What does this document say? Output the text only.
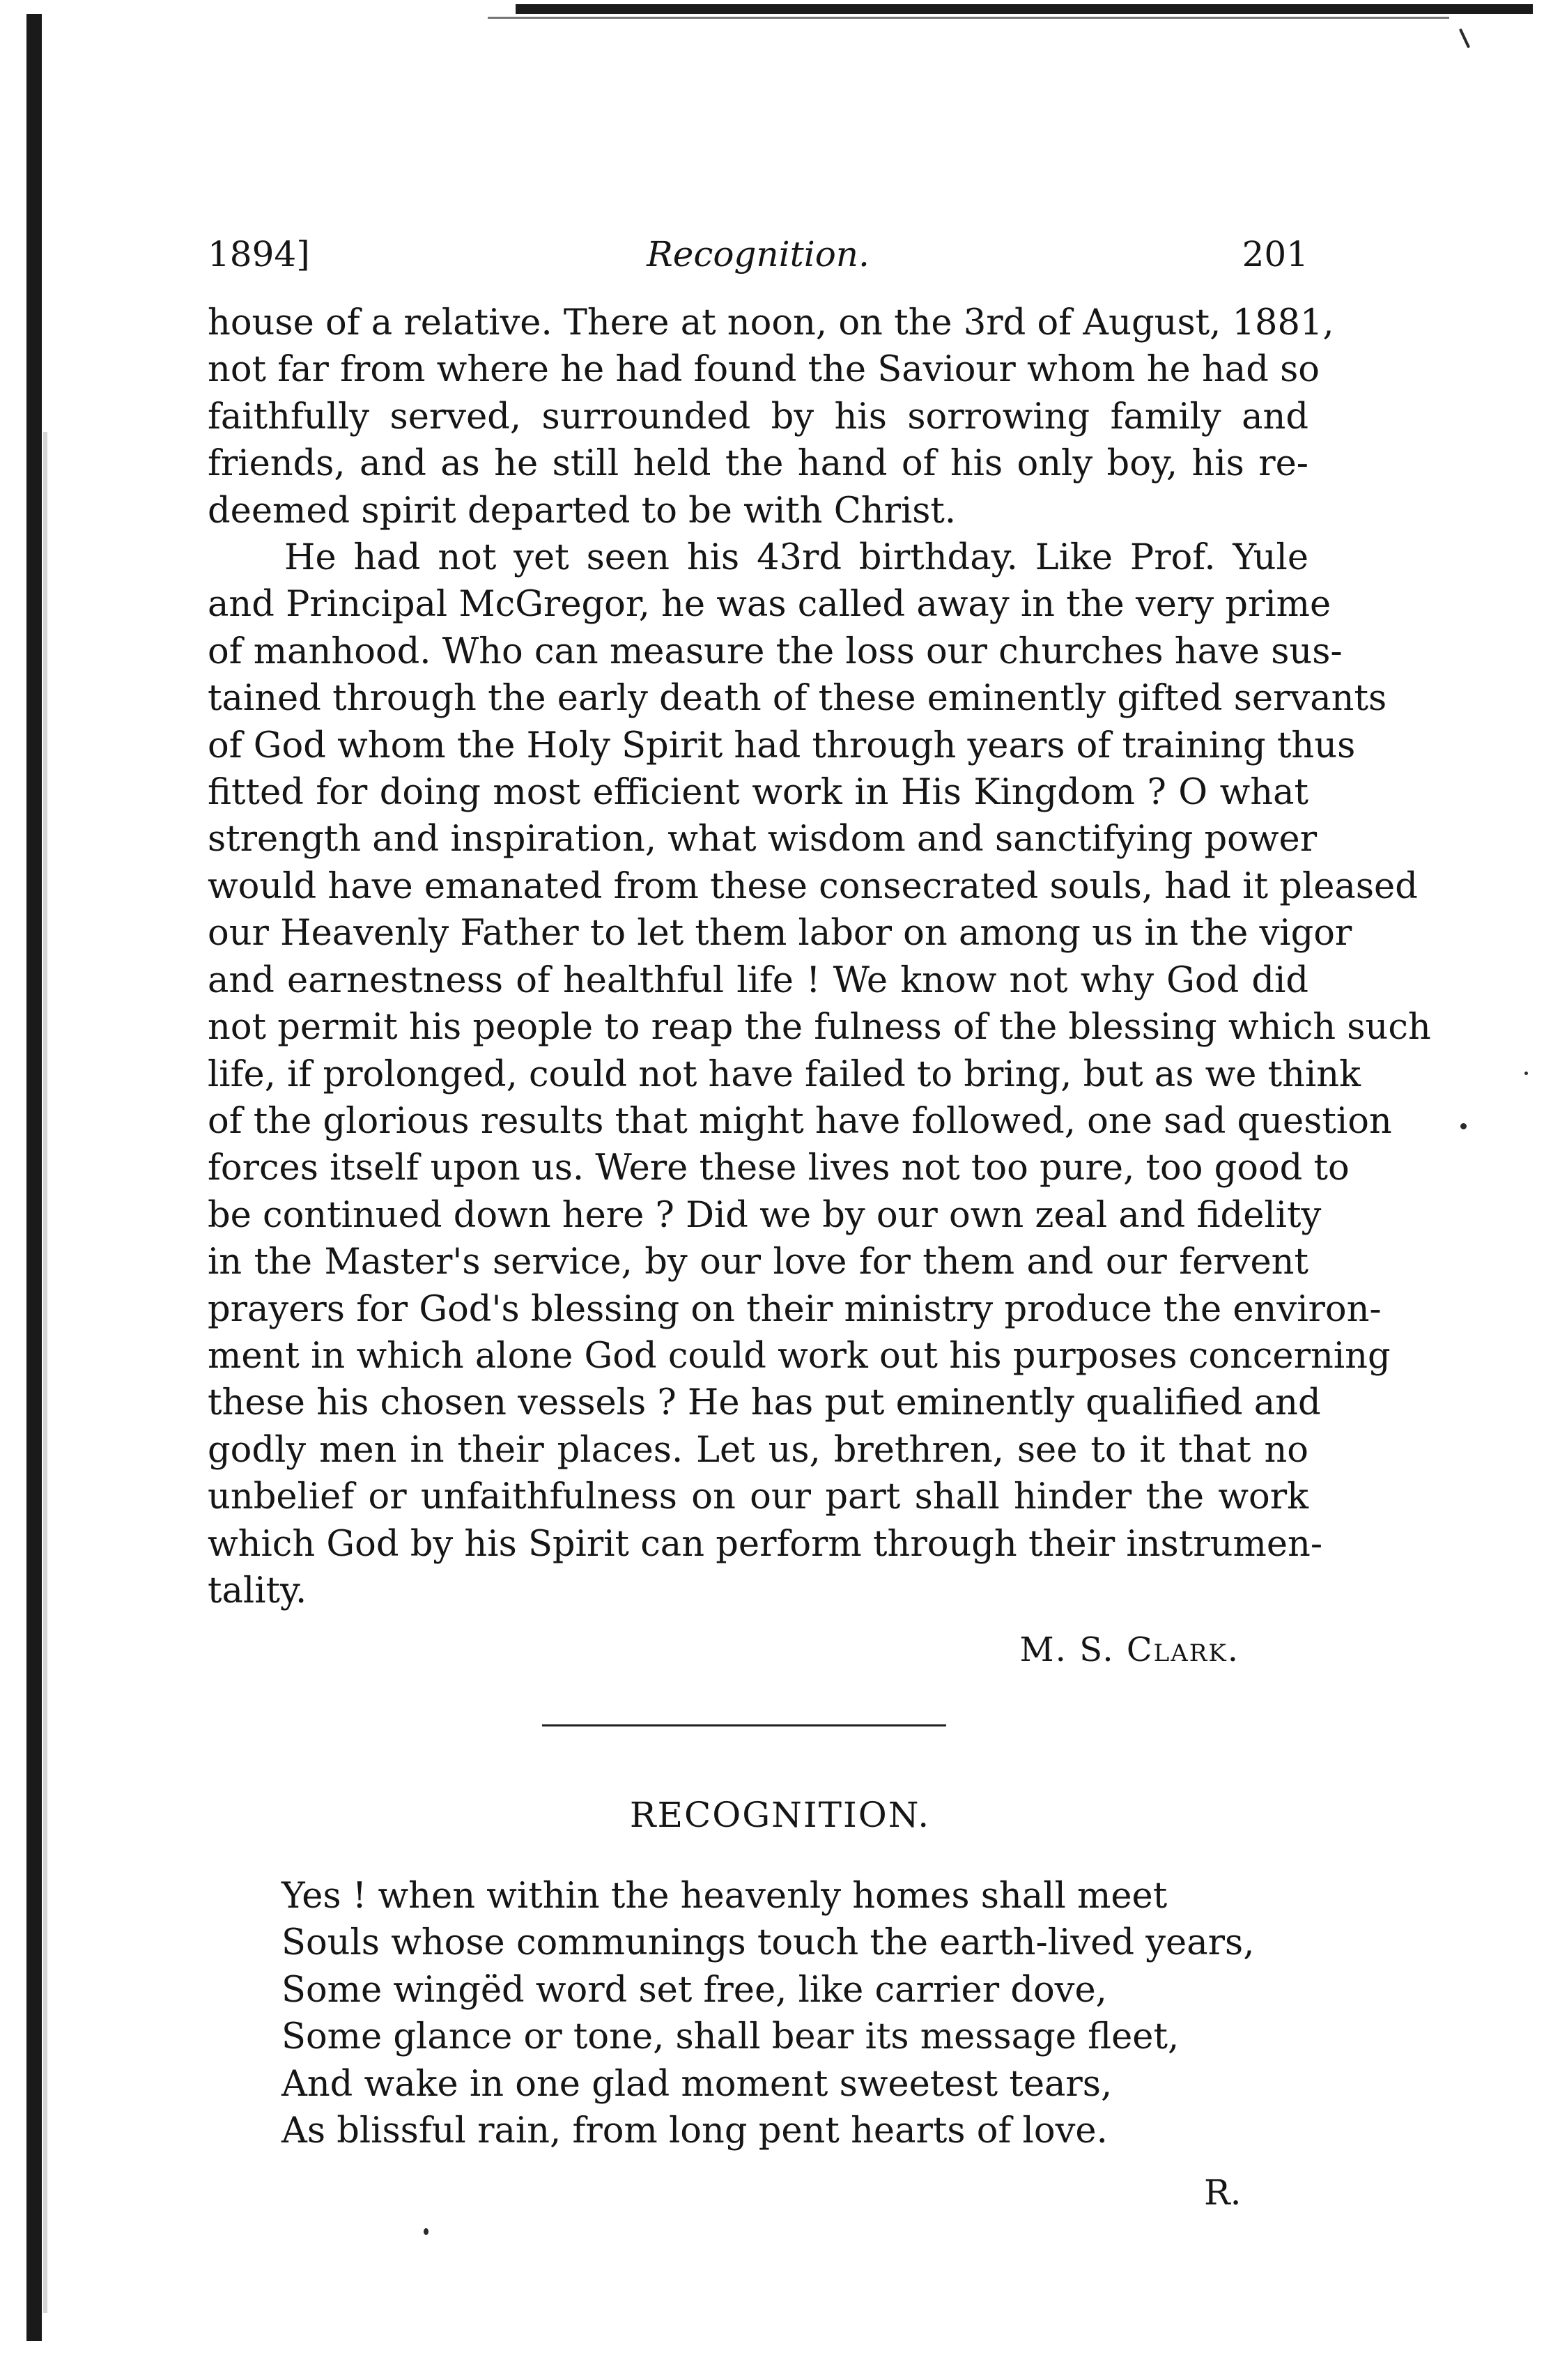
1894]	Recognition.	201
house of a relative. There at noon, on the 3rd of August, 1881,
not far from where he had found the Saviour whom he had so
faithfully served, surrounded by his sorrowing family and
friends, and as he still held the hand of his only boy, his re-
deemed spirit departed to be with Christ.
He had not yet seen his 43rd birthday. Like Prof. Yule
and Principal McGregor, he was called away in the very prime
of manhood. Who can measure the loss our churches have sus-
tained through the early death of these eminently gifted servants
of God whom the Holy Spirit had through years of training thus
fitted for doing most efficient work in His Kingdom ? O what
strength and inspiration, what wisdom and sanctifying power
would have emanated from these consecrated souls, had it pleased
our Heavenly Father to let them labor on among us in the vigor
and earnestness of healthful life ! We know not why God did
not permit his people to reap the fulness of the blessing which such
life, if prolonged, could not have failed to bring, but as we think
of the glorious results that might have followed, one sad question
forces itself upon us. Were these lives not too pure, too good to
be continued down here ? Did we by our own zeal and fidelity
in the Master's service, by our love for them and our fervent
prayers for God's blessing on their ministry produce the environ-
ment in which alone God could work out his purposes concerning
these his chosen vessels ? He has put eminently qualified and
godly men in their places. Let us, brethren, see to it that no
unbelief or unfaithfulness on our part shall hinder the work
which God by his Spirit can perform through their instrumen-
tality.
M. S. Clark.
RECOGNITION.
Yes ! when within the heavenly homes shall meet
Souls whose communings touch the earth-lived years,
Some wingëd word set free, like carrier dove,
Some glance or tone, shall bear its message fleet,
And wake in one glad moment sweetest tears,
As blissful rain, from long pent hearts of love.
R.
